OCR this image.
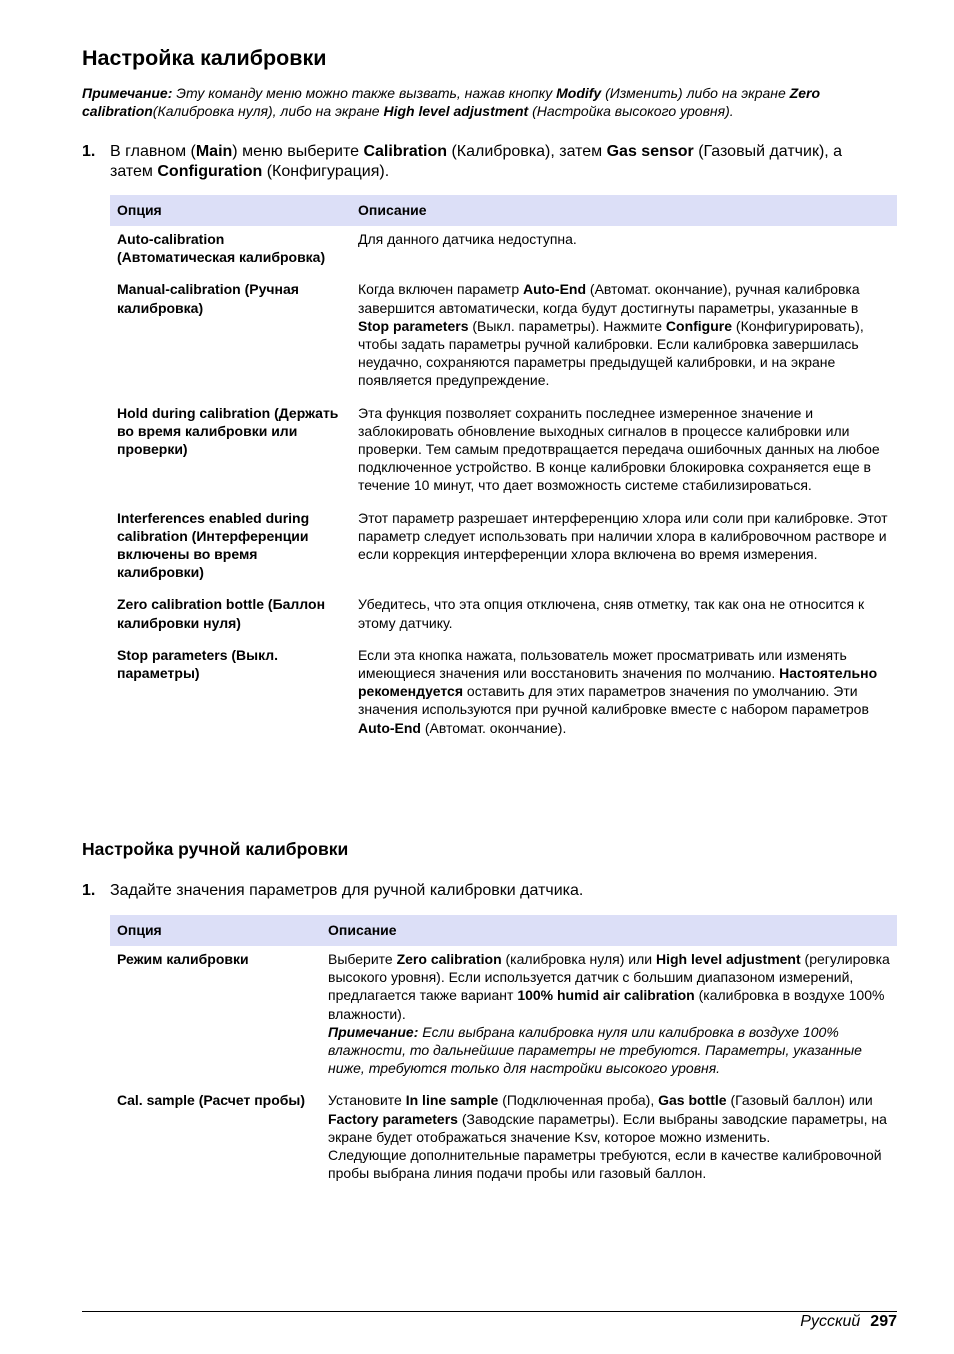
Настройка калибровки
Примечание: Эту команду меню можно также вызвать, нажав кнопку Modify (Изменить) либо на экране Zero calibration(Калибровка нуля), либо на экране High level adjustment (Настройка высокого уровня).
1. В главном (Main) меню выберите Calibration (Калибровка), затем Gas sensor (Газовый датчик), а затем Configuration (Конфигурация).
Опция	Описание
Auto-calibration (Автоматическая калибровка)	Для данного датчика недоступна.
Manual-calibration (Ручная калибровка)	Когда включен параметр Auto-End (Автомат. окончание), ручная калибровка завершится автоматически, когда будут достигнуты параметры, указанные в Stop parameters (Выкл. параметры). Нажмите Configure (Конфигурировать), чтобы задать параметры ручной калибровки. Если калибровка завершилась неудачно, сохраняются параметры предыдущей калибровки, и на экране появляется предупреждение.
Hold during calibration (Держать во время калибровки или проверки)	Эта функция позволяет сохранить последнее измеренное значение и заблокировать обновление выходных сигналов в процессе калибровки или проверки. Тем самым предотвращается передача ошибочных данных на любое подключенное устройство. В конце калибровки блокировка сохраняется еще в течение 10 минут, что дает возможность системе стабилизироваться.
Interferences enabled during calibration (Интерференции включены во время калибровки)	Этот параметр разрешает интерференцию хлора или соли при калибровке. Этот параметр следует использовать при наличии хлора в калибровочном растворе и если коррекция интерференции хлора включена во время измерения.
Zero calibration bottle (Баллон калибровки нуля)	Убедитесь, что эта опция отключена, сняв отметку, так как она не относится к этому датчику.
Stop parameters (Выкл. параметры)	Если эта кнопка нажата, пользователь может просматривать или изменять имеющиеся значения или восстановить значения по молчанию. Настоятельно рекомендуется оставить для этих параметров значения по умолчанию. Эти значения используются при ручной калибровке вместе с набором параметров Auto-End (Автомат. окончание).
Настройка ручной калибровки
1. Задайте значения параметров для ручной калибровки датчика.
Опция	Описание
Режим калибровки	Выберите Zero calibration (калибровка нуля) или High level adjustment (регулировка высокого уровня). Если используется датчик с большим диапазоном измерений, предлагается также вариант 100% humid air calibration (калибровка в воздухе 100% влажности).
Примечание: Если выбрана калибровка нуля или калибровка в воздухе 100% влажности, то дальнейшие параметры не требуются. Параметры, указанные ниже, требуются только для настройки высокого уровня.
Cal. sample (Расчет пробы)	Установите In line sample (Подключенная проба), Gas bottle (Газовый баллон) или Factory parameters (Заводские параметры). Если выбраны заводские параметры, на экране будет отображаться значение Ksv, которое можно изменить.
Следующие дополнительные параметры требуются, если в качестве калибровочной пробы выбрана линия подачи пробы или газовый баллон.
Русский 297
